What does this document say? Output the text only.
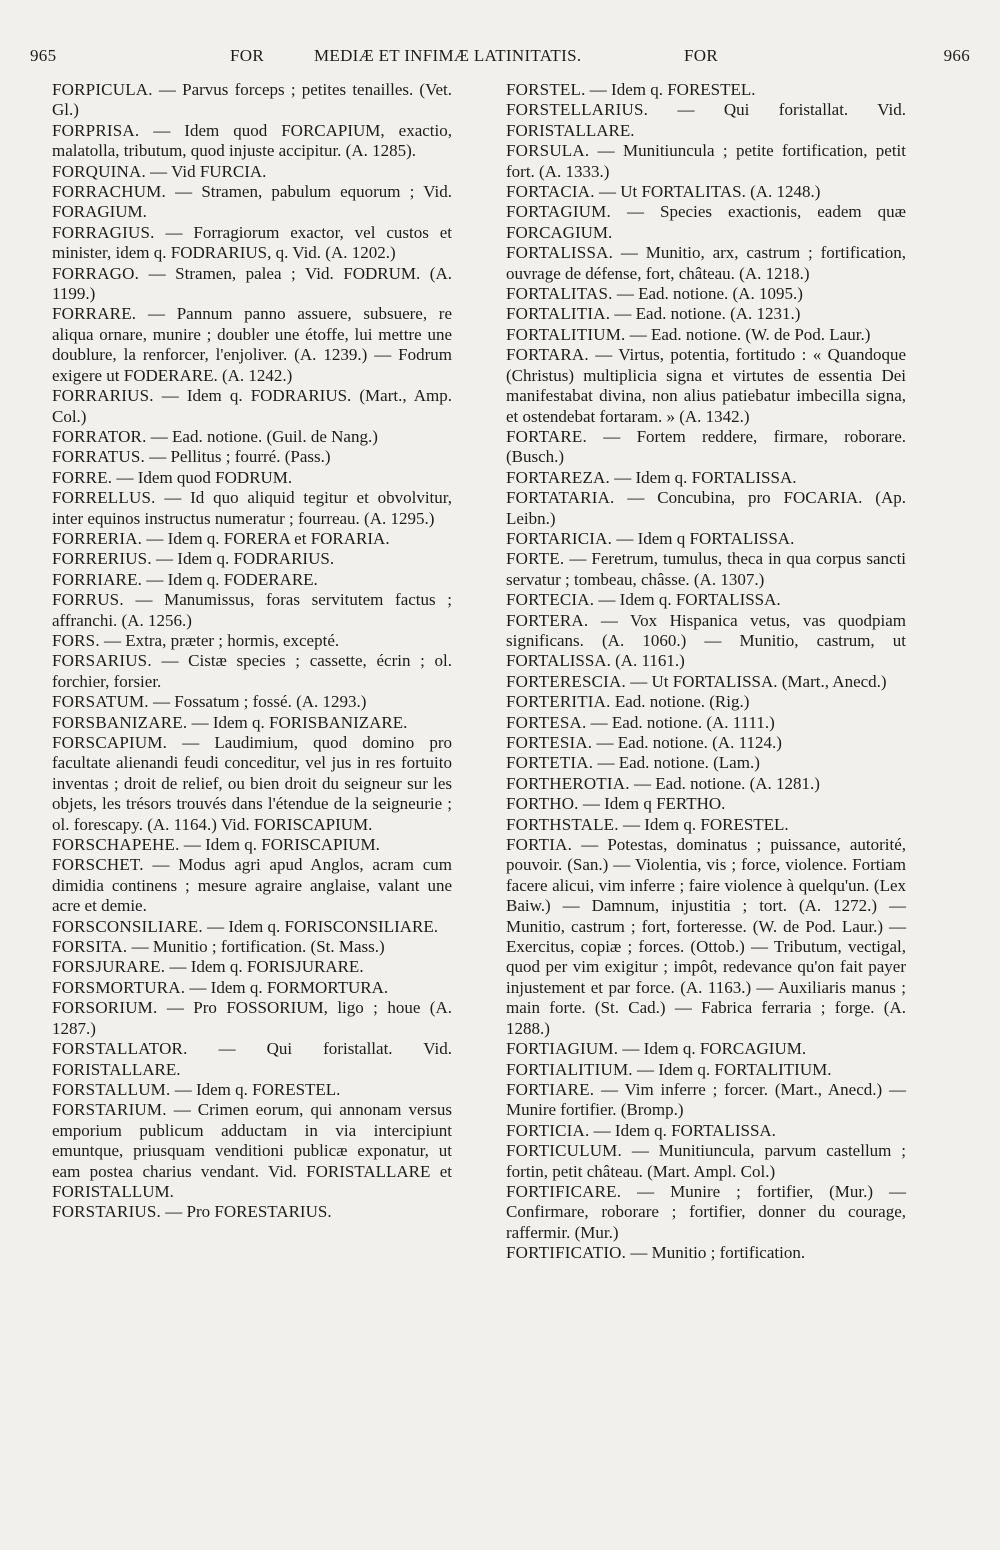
965	FOR	MEDIÆ ET INFIMÆ LATINITATIS.	FOR	966

FORPICULA. — Parvus forceps ; petites tenailles. (Vet. Gl.)

FORPRISA. — Idem quod FORCAPIUM, exactio, malatolla, tributum, quod injuste accipitur. (A. 1285).

FORQUINA. — Vid FURCIA.

FORRACHUM. — Stramen, pabulum equorum ; Vid. FORAGIUM.

FORRAGIUS. — Forragiorum exactor, vel custos et minister, idem q. FODRARIUS, q. Vid. (A. 1202.)

FORRAGO. — Stramen, palea ; Vid. FODRUM. (A. 1199.)

FORRARE. — Pannum panno assuere, subsuere, re aliqua ornare, munire ; doubler une étoffe, lui mettre une doublure, la renforcer, l'enjoliver. (A. 1239.) — Fodrum exigere ut FODERARE. (A. 1242.)

FORRARIUS. — Idem q. FODRARIUS. (Mart., Amp. Col.)

FORRATOR. — Ead. notione. (Guil. de Nang.)

FORRATUS. — Pellitus ; fourré. (Pass.)

FORRE. — Idem quod FODRUM.

FORRELLUS. — Id quo aliquid tegitur et obvolvitur, inter equinos instructus numeratur ; fourreau. (A. 1295.)

FORRERIA. — Idem q. FORERA et FORARIA.

FORRERIUS. — Idem q. FODRARIUS.

FORRIARE. — Idem q. FODERARE.

FORRUS. — Manumissus, foras servitutem factus ; affranchi. (A. 1256.)

FORS. — Extra, præter ; hormis, excepté.

FORSARIUS. — Cistæ species ; cassette, écrin ; ol. forchier, forsier.

FORSATUM. — Fossatum ; fossé. (A. 1293.)

FORSBANIZARE. — Idem q. FORISBANIZARE.

FORSCAPIUM. — Laudimium, quod domino pro facultate alienandi feudi conceditur, vel jus in res fortuito inventas ; droit de relief, ou bien droit du seigneur sur les objets, les trésors trouvés dans l'étendue de la seigneurie ; ol. forescapy. (A. 1164.) Vid. FORISCAPIUM.

FORSCHAPEHE. — Idem q. FORISCAPIUM.

FORSCHET. — Modus agri apud Anglos, acram cum dimidia continens ; mesure agraire anglaise, valant une acre et demie.

FORSCONSILIARE. — Idem q. FORISCONSILIARE.

FORSITA. — Munitio ; fortification. (St. Mass.)

FORSJURARE. — Idem q. FORISJURARE.

FORSMORTURA. — Idem q. FORMORTURA.

FORSORIUM. — Pro FOSSORIUM, ligo ; houe (A. 1287.)

FORSTALLATOR. — Qui foristallat. Vid. FORISTALLARE.

FORSTALLUM. — Idem q. FORESTEL.

FORSTARIUM. — Crimen eorum, qui annonam versus emporium publicum adductam in via intercipiunt emuntque, priusquam venditioni publicæ exponatur, ut eam postea charius vendant. Vid. FORISTALLARE et FORISTALLUM.

FORSTARIUS. — Pro FORESTARIUS.

FORSTEL. — Idem q. FORESTEL.

FORSTELLARIUS. — Qui foristallat. Vid. FORISTALLARE.

FORSULA. — Munitiuncula ; petite fortification, petit fort. (A. 1333.)

FORTACIA. — Ut FORTALITAS. (A. 1248.)

FORTAGIUM. — Species exactionis, eadem quæ FORCAGIUM.

FORTALISSA. — Munitio, arx, castrum ; fortification, ouvrage de défense, fort, château. (A. 1218.)

FORTALITAS. — Ead. notione. (A. 1095.)

FORTALITIA. — Ead. notione. (A. 1231.)

FORTALITIUM. — Ead. notione. (W. de Pod. Laur.)

FORTARA. — Virtus, potentia, fortitudo : « Quandoque (Christus) multiplicia signa et virtutes de essentia Dei manifestabat divina, non alius patiebatur imbecilla signa, et ostendebat fortaram. » (A. 1342.)

FORTARE. — Fortem reddere, firmare, roborare. (Busch.)

FORTAREZA. — Idem q. FORTALISSA.

FORTATARIA. — Concubina, pro FOCARIA. (Ap. Leibn.)

FORTARICIA. — Idem q FORTALISSA.

FORTE. — Feretrum, tumulus, theca in qua corpus sancti servatur ; tombeau, châsse. (A. 1307.)

FORTECIA. — Idem q. FORTALISSA.

FORTERA. — Vox Hispanica vetus, vas quodpiam significans. (A. 1060.) — Munitio, castrum, ut FORTALISSA. (A. 1161.)

FORTERESCIA. — Ut FORTALISSA. (Mart., Anecd.)

FORTERITIA. Ead. notione. (Rig.)

FORTESA. — Ead. notione. (A. 1111.)

FORTESIA. — Ead. notione. (A. 1124.)

FORTETIA. — Ead. notione. (Lam.)

FORTHEROTIA. — Ead. notione. (A. 1281.)

FORTHO. — Idem q FERTHO.

FORTHSTALE. — Idem q. FORESTEL.

FORTIA. — Potestas, dominatus ; puissance, autorité, pouvoir. (San.) — Violentia, vis ; force, violence. Fortiam facere alicui, vim inferre ; faire violence à quelqu'un. (Lex Baiw.) — Damnum, injustitia ; tort. (A. 1272.) — Munitio, castrum ; fort, forteresse. (W. de Pod. Laur.) — Exercitus, copiæ ; forces. (Ottob.) — Tributum, vectigal, quod per vim exigitur ; impôt, redevance qu'on fait payer injustement et par force. (A. 1163.) — Auxiliaris manus ; main forte. (St. Cad.) — Fabrica ferraria ; forge. (A. 1288.)

FORTIAGIUM. — Idem q. FORCAGIUM.

FORTIALITIUM. — Idem q. FORTALITIUM.

FORTIARE. — Vim inferre ; forcer. (Mart., Anecd.) — Munire fortifier. (Bromp.)

FORTICIA. — Idem q. FORTALISSA.

FORTICULUM. — Munitiuncula, parvum castellum ; fortin, petit château. (Mart. Ampl. Col.)

FORTIFICARE. — Munire ; fortifier, (Mur.) — Confirmare, roborare ; fortifier, donner du courage, raffermir. (Mur.)

FORTIFICATIO. — Munitio ; fortification.
